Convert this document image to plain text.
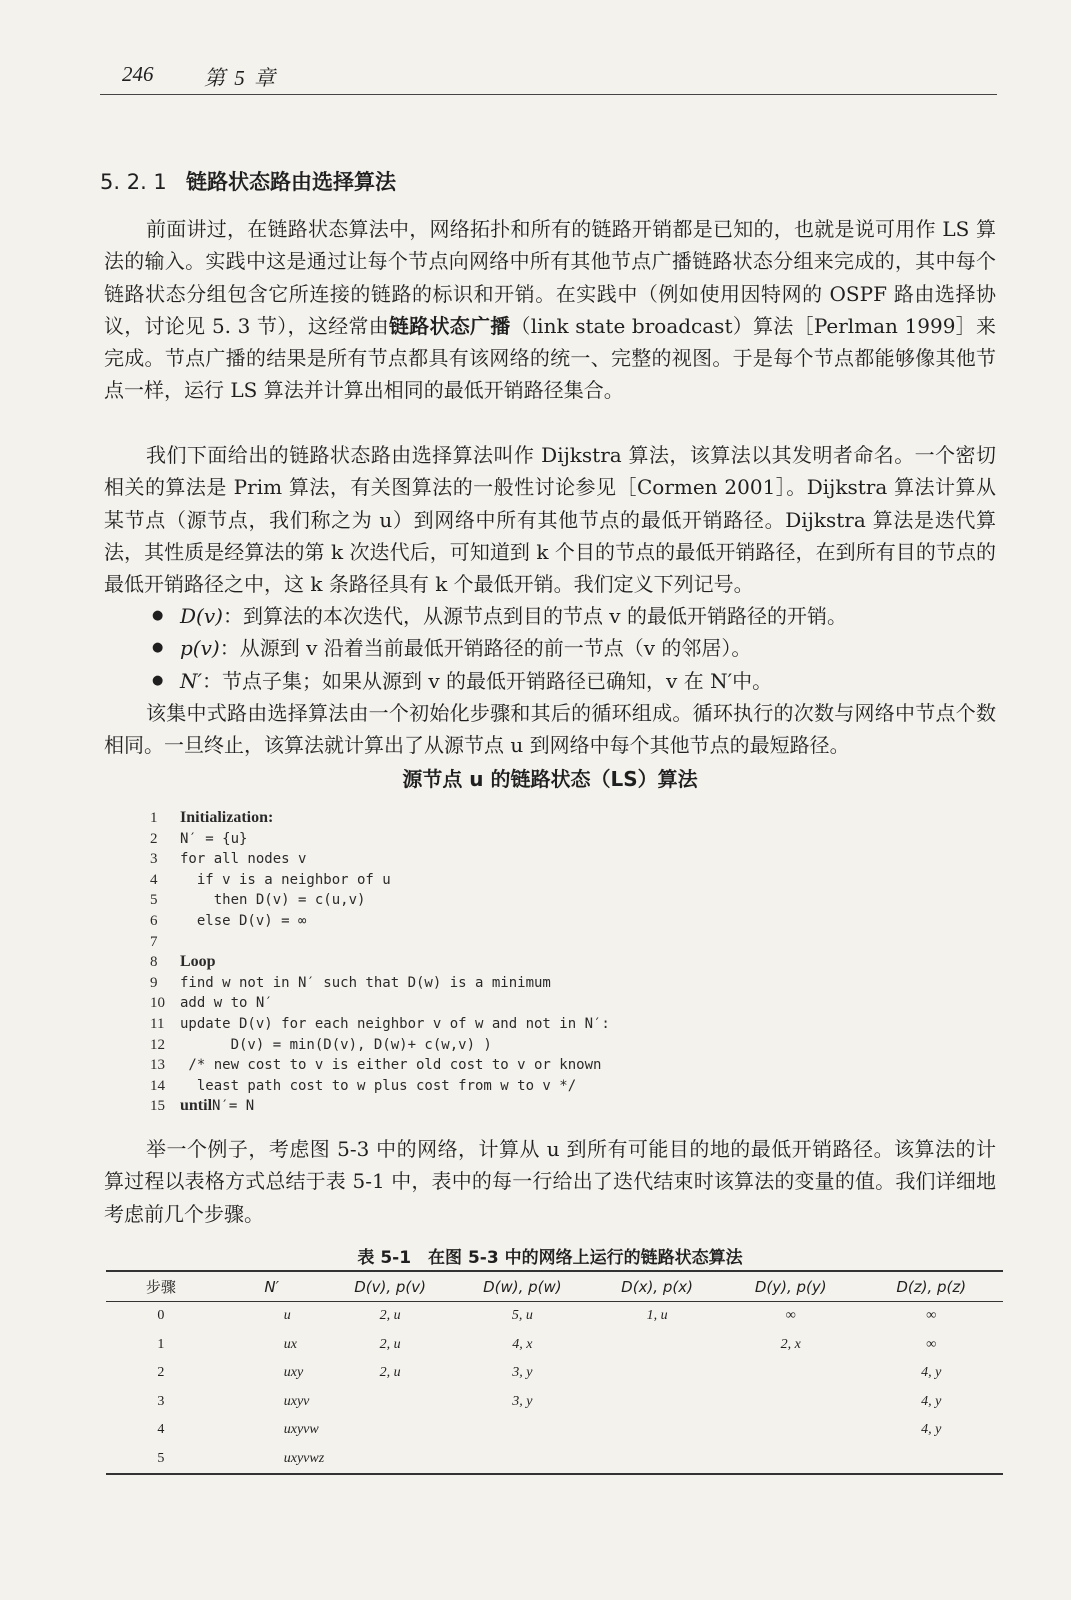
246 第 5 章
5. 2. 1 链路状态路由选择算法

前面讲过，在链路状态算法中，网络拓扑和所有的链路开销都是已知的，也就是说可用作 LS 算法的输入。实践中这是通过让每个节点向网络中所有其他节点广播链路状态分组来完成的，其中每个链路状态分组包含它所连接的链路的标识和开销。在实践中（例如使用因特网的 OSPF 路由选择协议，讨论见 5. 3 节），这经常由链路状态广播（link state broadcast）算法［Perlman 1999］来完成。节点广播的结果是所有节点都具有该网络的统一、完整的视图。于是每个节点都能够像其他节点一样，运行 LS 算法并计算出相同的最低开销路径集合。

我们下面给出的链路状态路由选择算法叫作 Dijkstra 算法，该算法以其发明者命名。一个密切相关的算法是 Prim 算法，有关图算法的一般性讨论参见［Cormen 2001］。Dijkstra 算法计算从某节点（源节点，我们称之为 u）到网络中所有其他节点的最低开销路径。Dijkstra 算法是迭代算法，其性质是经算法的第 k 次迭代后，可知道到 k 个目的节点的最低开销路径，在到所有目的节点的最低开销路径之中，这 k 条路径具有 k 个最低开销。我们定义下列记号。

● D(v)：到算法的本次迭代，从源节点到目的节点 v 的最低开销路径的开销。
● p(v)：从源到 v 沿着当前最低开销路径的前一节点（v 的邻居）。
● N′：节点子集；如果从源到 v 的最低开销路径已确知，v 在 N′中。

该集中式路由选择算法由一个初始化步骤和其后的循环组成。循环执行的次数与网络中节点个数相同。一旦终止，该算法就计算出了从源节点 u 到网络中每个其他节点的最短路径。

源节点 u 的链路状态（LS）算法
1 Initialization:
2 N′ = {u}
3 for all nodes v
4  if v is a neighbor of u
5    then D(v) = c(u,v)
6  else D(v) = ∞
7
8 Loop
9 find w not in N′ such that D(w) is a minimum
10 add w to N′
11 update D(v) for each neighbor v of w and not in N′:
12      D(v) = min(D(v), D(w)+ c(w,v) )
13 /* new cost to v is either old cost to v or known
14  least path cost to w plus cost from w to v */
15 untilN′= N

举一个例子，考虑图 5-3 中的网络，计算从 u 到所有可能目的地的最低开销路径。该算法的计算过程以表格方式总结于表 5-1 中，表中的每一行给出了迭代结束时该算法的变量的值。我们详细地考虑前几个步骤。

表 5-1　在图 5-3 中的网络上运行的链路状态算法
步骤	N′	D(v), p(v)	D(w), p(w)	D(x), p(x)	D(y), p(y)	D(z), p(z)
0	u	2, u	5, u	1, u	∞	∞
1	ux	2, u	4, x		2, x	∞
2	uxy	2, u	3, y			4, y
3	uxyv		3, y			4, y
4	uxyvw					4, y
5	uxyvwz					
